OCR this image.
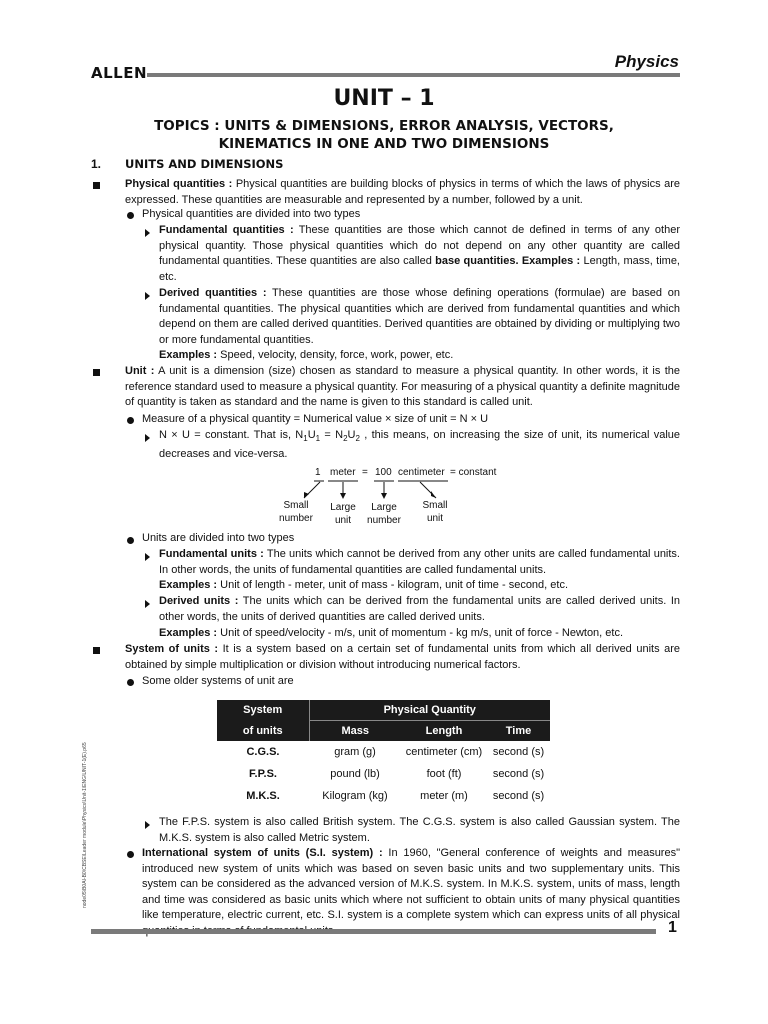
ALLEN
Physics
UNIT – 1
TOPICS : UNITS & DIMENSIONS, ERROR ANALYSIS, VECTORS,
KINEMATICS IN ONE AND TWO DIMENSIONS
1. UNITS AND DIMENSIONS
Physical quantities : Physical quantities are building blocks of physics in terms of which the laws of physics are expressed. These quantities are measurable and represented by a number, followed by a unit.
Physical quantities are divided into two types
Fundamental quantities : These quantities are those which cannot de defined in terms of any other physical quantity. Those physical quantities which do not depend on any other quantity are called fundamental quantities. These quantities are also called base quantities. Examples : Length, mass, time, etc.
Derived quantities : These quantities are those whose defining operations (formulae) are based on fundamental quantities. The physical quantities which are derived from fundamental quantities and which depend on them are called derived quantities. Derived quantities are obtained by dividing or multiplying two or more fundamental quantities.
Examples : Speed, velocity, density, force, work, power, etc.
Unit : A unit is a dimension (size) chosen as standard to measure a physical quantity. In other words, it is the reference standard used to measure a physical quantity. For measuring of a physical quantity a definite magnitude of quantity is taken as standard and the name is given to this standard is called unit.
Measure of a physical quantity = Numerical value × size of unit = N × U
N × U = constant. That is, $N_1U_1 = N_2U_2$ , this means, on increasing the size of unit, its numerical value decreases and vice-versa.
1 meter = 100 centimeter = constant
Small
number
Large
unit
Large
number
Small
unit
Units are divided into two types
Fundamental units : The units which cannot be derived from any other units are called fundamental units. In other words, the units of fundamental quantities are called fundamental units.
Examples : Unit of length - meter, unit of mass - kilogram, unit of time - second, etc.
Derived units : The units which can be derived from the fundamental units are called derived units. In other words, the units of derived quantities are called derived units.
Examples : Unit of speed/velocity - m/s, unit of momentum - kg m/s, unit of force - Newton, etc.
System of units : It is a system based on a certain set of fundamental units from which all derived units are obtained by simple multiplication or division without introducing numerical factors.
Some older systems of unit are
System	Physical Quantity		
of units	Mass	Length	Time
C.G.S.	gram (g)	centimeter (cm)	second (s)
F.P.S.	pound (lb)	foot (ft)	second (s)
M.K.S.	Kilogram (kg)	meter (m)	second (s)
The F.P.S. system is also called British system. The C.G.S. system is also called Gaussian system. The M.K.S. system is also called Metric system.
International system of units (S.I. system) : In 1960, "General conference of weights and measures" introduced new system of units which was based on seven basic units and two supplementary units. This system can be considered as the advanced version of M.K.S. system. In M.K.S. system, units of mass, length and time was considered as basic units which where not sufficient to obtain units of many physical quantities like temperature, electric current, etc. S.I. system is a complete system which can express units of all physical
node05\B0AI-B0\CBSE\Leader module\Physics\Unit-1\ENG\UNIT-1(E).p65
1
